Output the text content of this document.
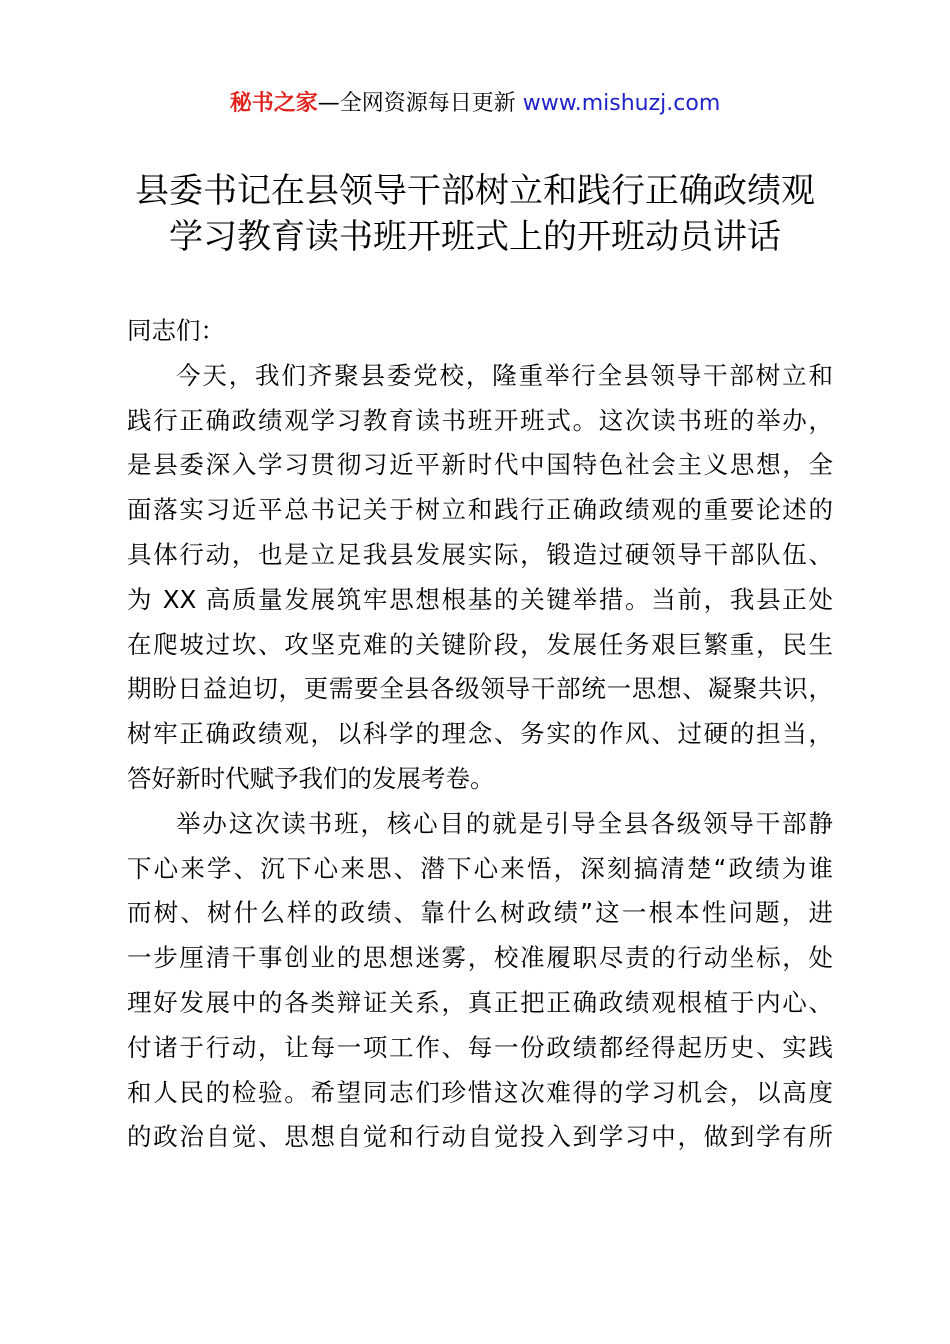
秘书之家—全网资源每日更新 www.mishuzj.com
县委书记在县领导干部树立和践行正确政绩观
学习教育读书班开班式上的开班动员讲话

同志们：

今天，我们齐聚县委党校，隆重举行全县领导干部树立和
践行正确政绩观学习教育读书班开班式。这次读书班的举办，
是县委深入学习贯彻习近平新时代中国特色社会主义思想，全
面落实习近平总书记关于树立和践行正确政绩观的重要论述的
具体行动，也是立足我县发展实际，锻造过硬领导干部队伍、
为 XX 高质量发展筑牢思想根基的关键举措。当前，我县正处
在爬坡过坎、攻坚克难的关键阶段，发展任务艰巨繁重，民生
期盼日益迫切，更需要全县各级领导干部统一思想、凝聚共识，
树牢正确政绩观，以科学的理念、务实的作风、过硬的担当，
答好新时代赋予我们的发展考卷。

举办这次读书班，核心目的就是引导全县各级领导干部静
下心来学、沉下心来思、潜下心来悟，深刻搞清楚“政绩为谁
而树、树什么样的政绩、靠什么树政绩”这一根本性问题，进
一步厘清干事创业的思想迷雾，校准履职尽责的行动坐标，处
理好发展中的各类辩证关系，真正把正确政绩观根植于内心、
付诸于行动，让每一项工作、每一份政绩都经得起历史、实践
和人民的检验。希望同志们珍惜这次难得的学习机会，以高度
的政治自觉、思想自觉和行动自觉投入到学习中，做到学有所
